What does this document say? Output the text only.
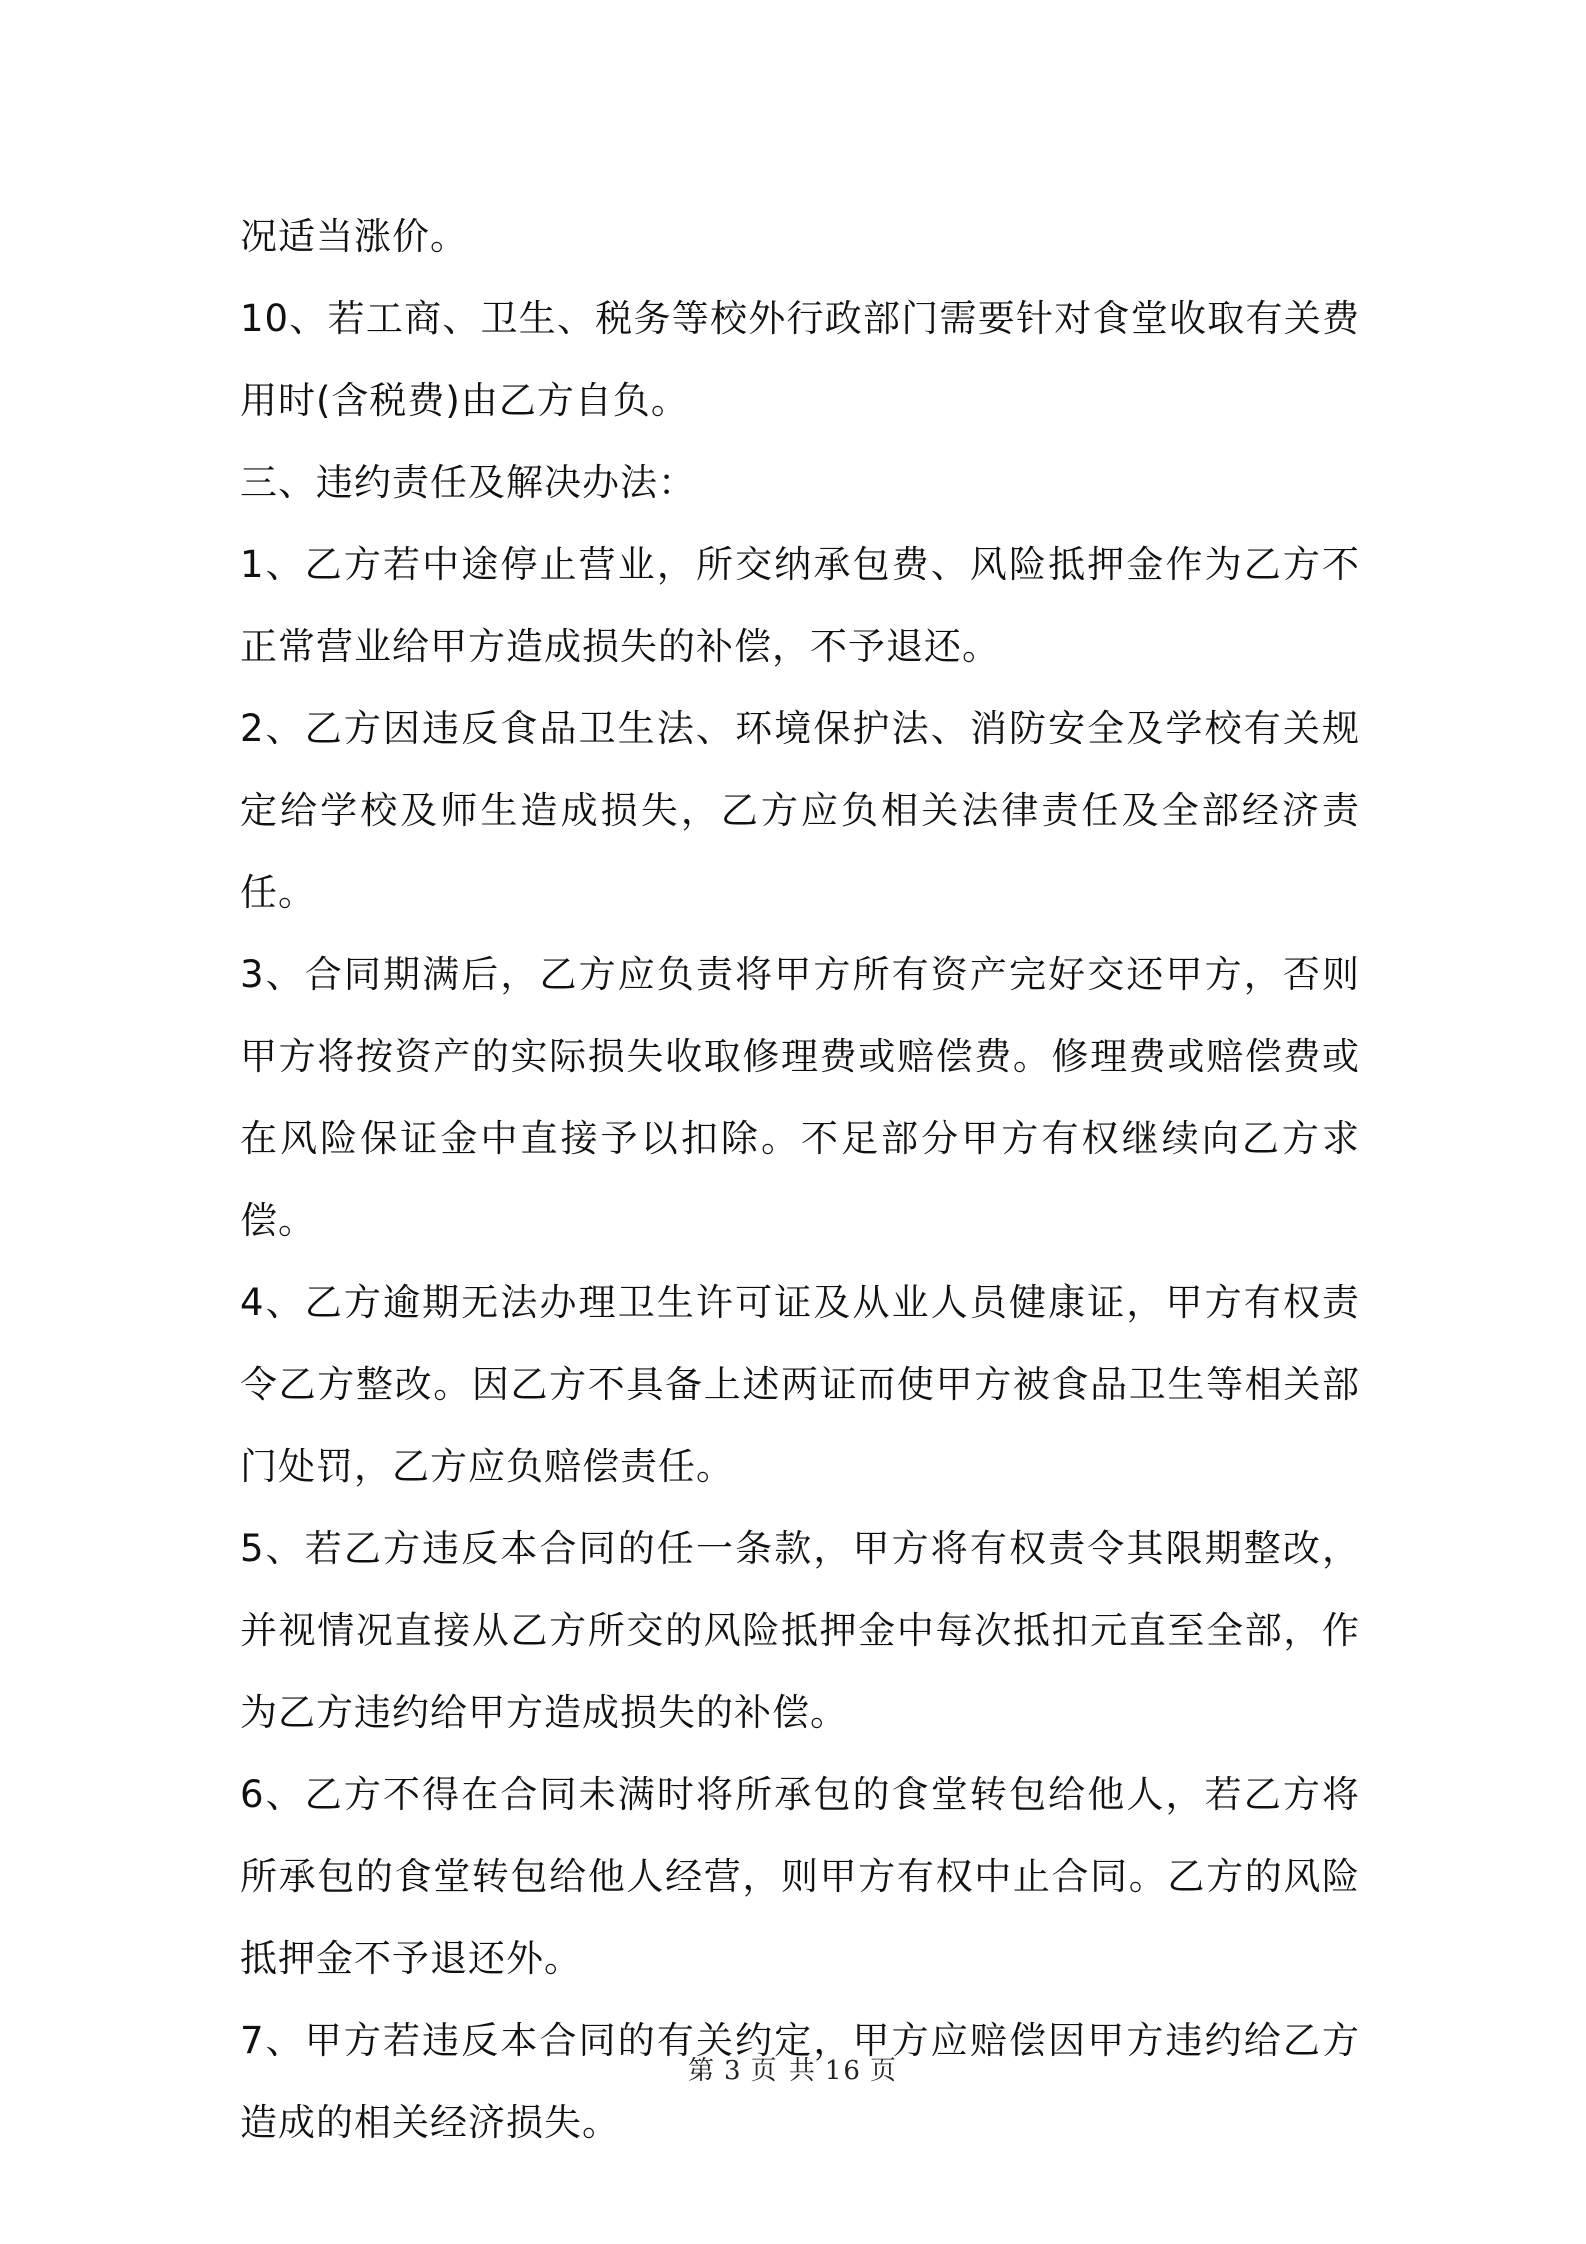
况适当涨价。

10、若工商、卫生、税务等校外行政部门需要针对食堂收取有关费用时(含税费)由乙方自负。

三、违约责任及解决办法：

1、乙方若中途停止营业，所交纳承包费、风险抵押金作为乙方不正常营业给甲方造成损失的补偿，不予退还。

2、乙方因违反食品卫生法、环境保护法、消防安全及学校有关规定给学校及师生造成损失，乙方应负相关法律责任及全部经济责任。

3、合同期满后，乙方应负责将甲方所有资产完好交还甲方，否则甲方将按资产的实际损失收取修理费或赔偿费。修理费或赔偿费或在风险保证金中直接予以扣除。不足部分甲方有权继续向乙方求偿。

4、乙方逾期无法办理卫生许可证及从业人员健康证，甲方有权责令乙方整改。因乙方不具备上述两证而使甲方被食品卫生等相关部门处罚，乙方应负赔偿责任。

5、若乙方违反本合同的任一条款，甲方将有权责令其限期整改，并视情况直接从乙方所交的风险抵押金中每次抵扣元直至全部，作为乙方违约给甲方造成损失的补偿。

6、乙方不得在合同未满时将所承包的食堂转包给他人，若乙方将所承包的食堂转包给他人经营，则甲方有权中止合同。乙方的风险抵押金不予退还外。

7、甲方若违反本合同的有关约定，甲方应赔偿因甲方违约给乙方造成的相关经济损失。

第 3 页 共 16 页
